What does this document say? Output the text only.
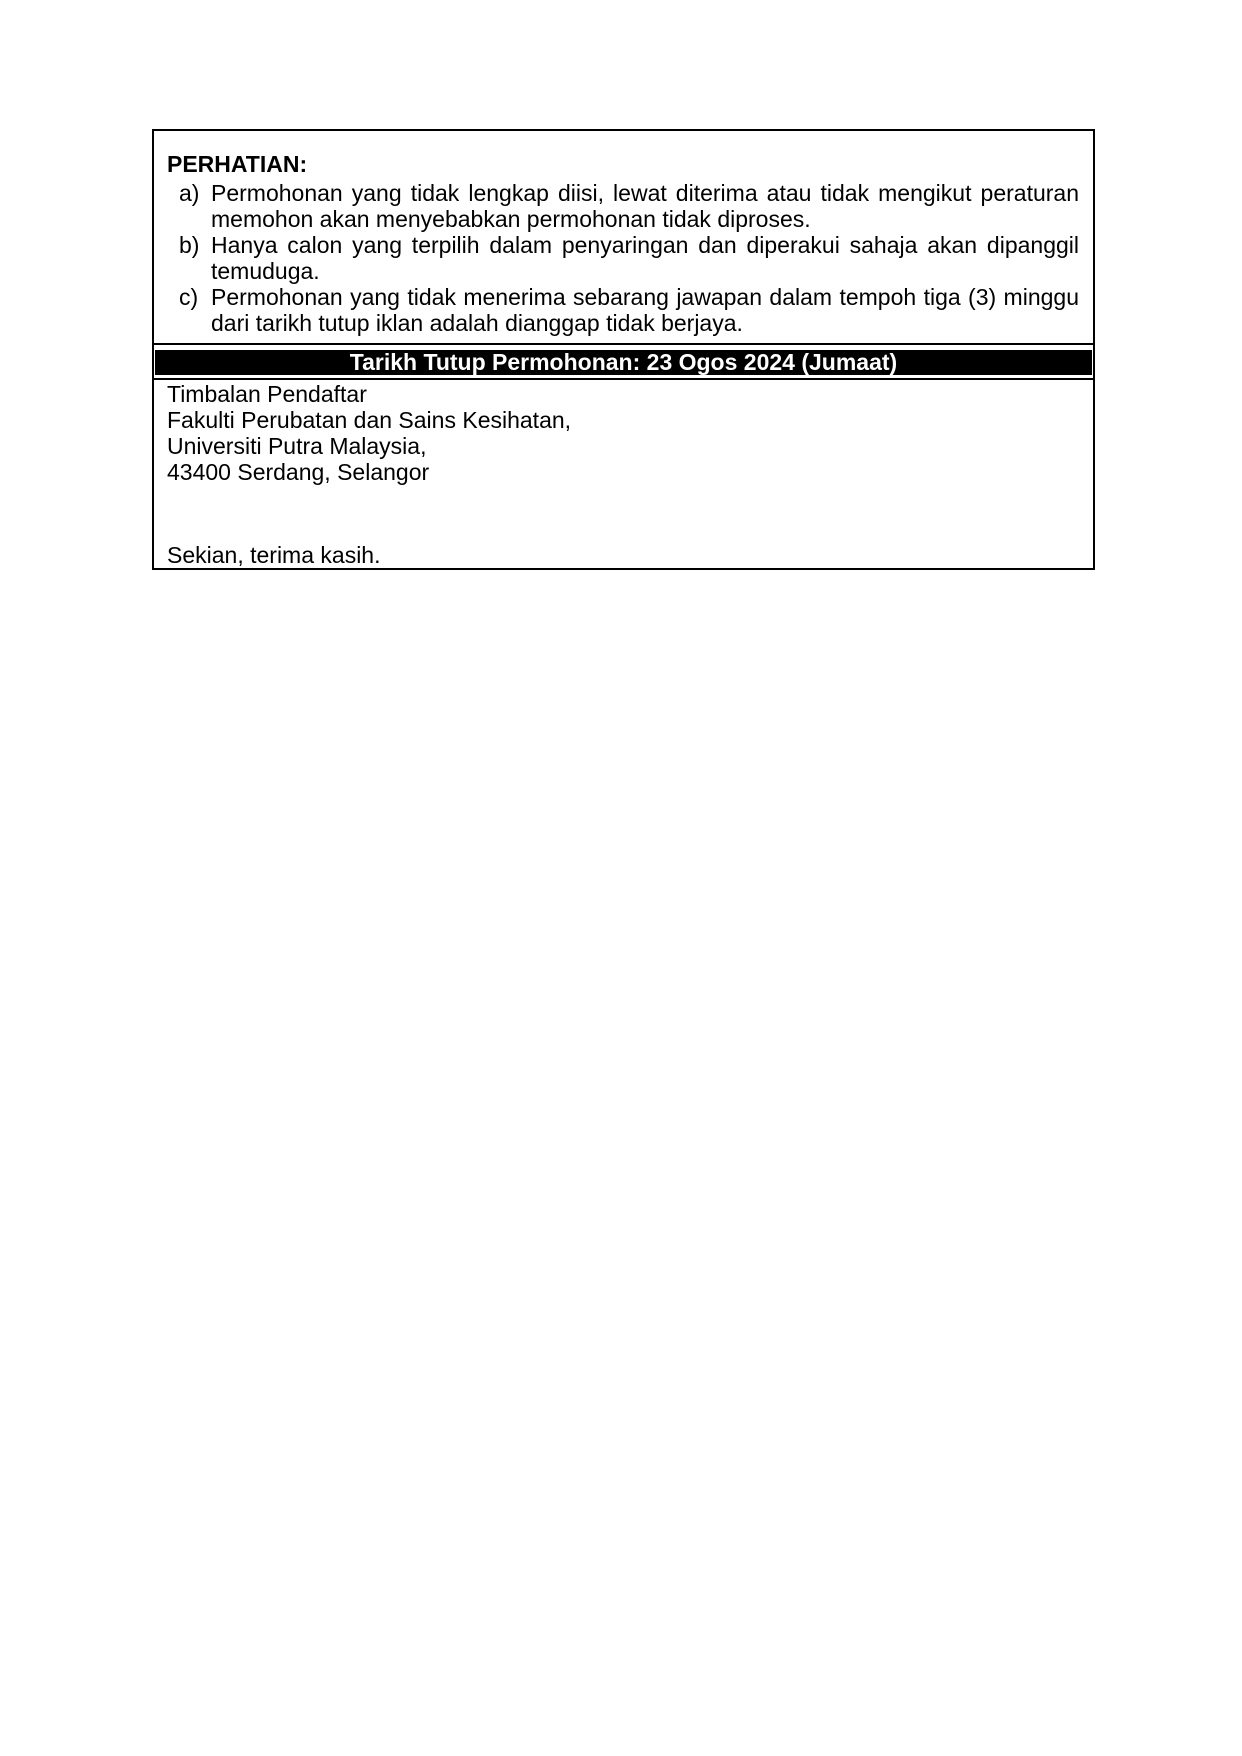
PERHATIAN:
a) Permohonan yang tidak lengkap diisi, lewat diterima atau tidak mengikut peraturan memohon akan menyebabkan permohonan tidak diproses.
b) Hanya calon yang terpilih dalam penyaringan dan diperakui sahaja akan dipanggil temuduga.
c) Permohonan yang tidak menerima sebarang jawapan dalam tempoh tiga (3) minggu dari tarikh tutup iklan adalah dianggap tidak berjaya.
Tarikh Tutup Permohonan: 23 Ogos 2024 (Jumaat)
Timbalan Pendaftar
Fakulti Perubatan dan Sains Kesihatan,
Universiti Putra Malaysia,
43400 Serdang, Selangor
Sekian, terima kasih.
